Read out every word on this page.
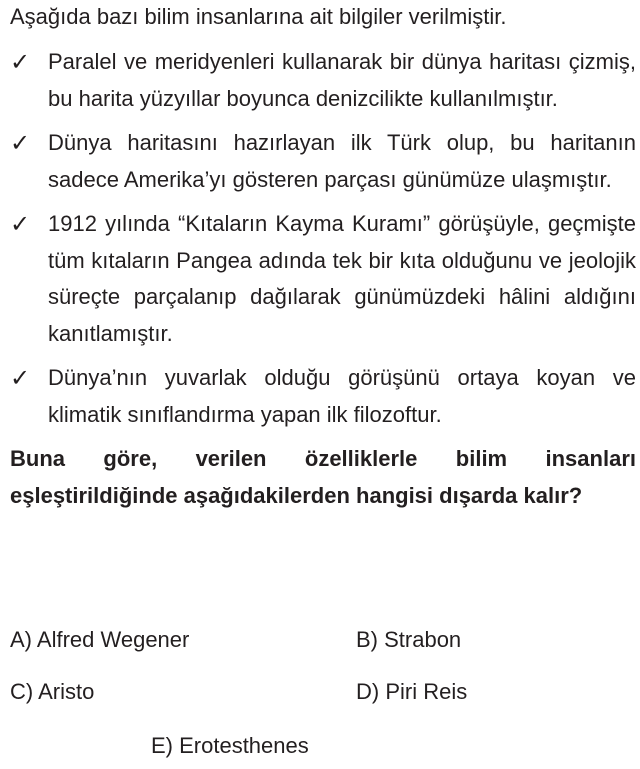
Aşağıda bazı bilim insanlarına ait bilgiler verilmiştir.

✓ Paralel ve meridyenleri kullanarak bir dünya haritası çizmiş, bu harita yüzyıllar boyunca denizcilikte kullanılmıştır.
✓ Dünya haritasını hazırlayan ilk Türk olup, bu haritanın sadece Amerika’yı gösteren parçası günümüze ulaşmıştır.
✓ 1912 yılında “Kıtaların Kayma Kuramı” görüşüyle, geçmişte tüm kıtaların Pangea adında tek bir kıta olduğunu ve jeolojik süreçte parçalanıp dağılarak günümüzdeki hâlini aldığını kanıtlamıştır.
✓ Dünya’nın yuvarlak olduğu görüşünü ortaya koyan ve klimatik sınıflandırma yapan ilk filozoftur.

Buna göre, verilen özelliklerle bilim insanları eşleştirildiğinde aşağıdakilerden hangisi dışarda kalır?

A) Alfred Wegener	B) Strabon
C) Aristo	D) Piri Reis
E) Erotesthenes
